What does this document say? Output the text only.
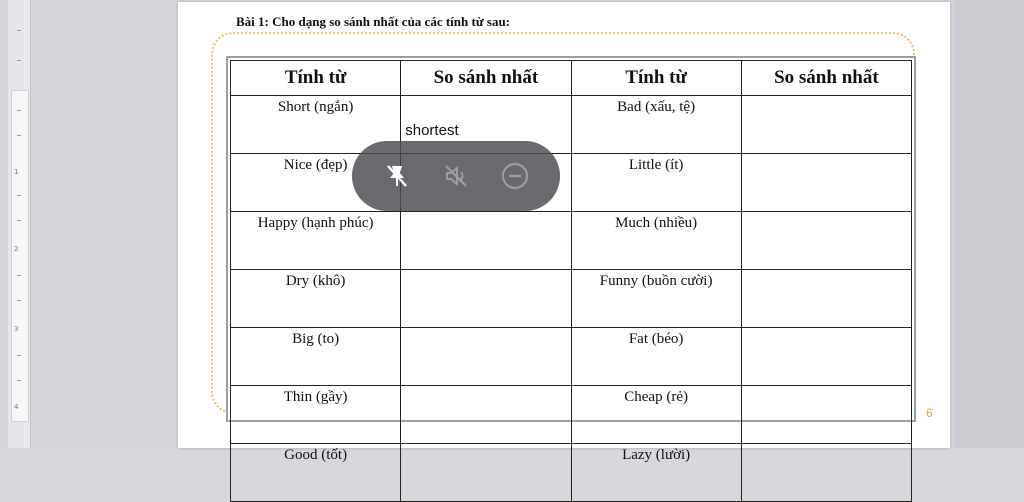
1
2
3
4
Bài 1: Cho dạng so sánh nhất của các tính từ sau:
Tính từ	So sánh nhất	Tính từ	So sánh nhất
Short (ngắn)	shortest	Bad (xấu, tệ)	
Nice (đẹp)		Little (ít)	
Happy (hạnh phúc)		Much (nhiều)	
Dry (khô)		Funny (buồn cười)	
Big (to)		Fat (béo)	
Thin (gầy)		Cheap (rẻ)	
Good (tốt)		Lazy (lười)	
6
